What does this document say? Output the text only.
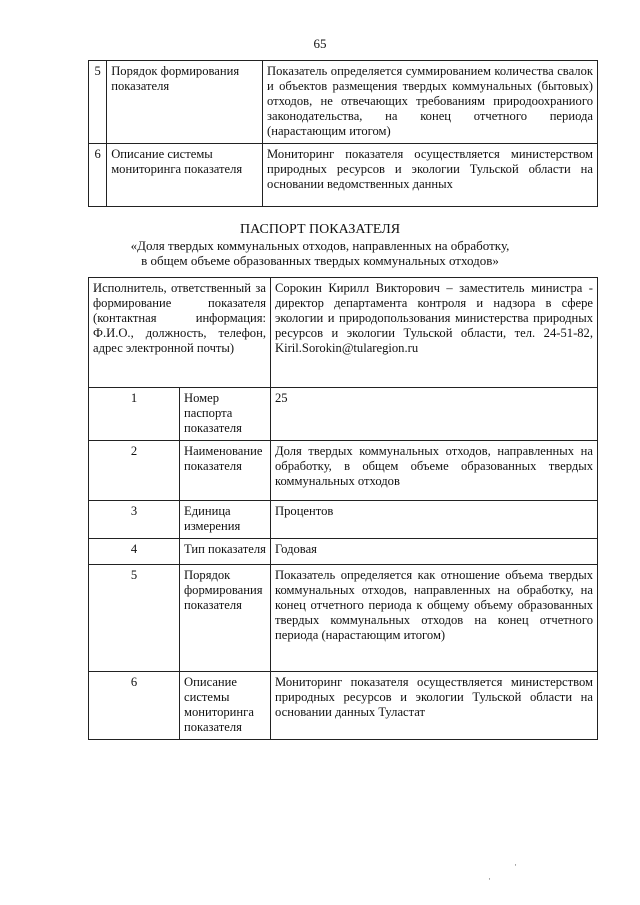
65
5	Порядок формирования показателя	Показатель определяется суммированием количества свалок и объектов размещения твердых коммунальных (бытовых) отходов, не отвечающих требованиям природоохраниого законодательства, на конец отчетного периода (нарастающим итогом)
6	Описание системы мониторинга показателя	Мониторинг показателя осуществляется министерством природных ресурсов и экологии Тульской области на основании ведомственных данных
ПАСПОРТ ПОКАЗАТЕЛЯ
«Доля твердых коммунальных отходов, направленных на обработку,
в общем объеме образованных твердых коммунальных отходов»
Исполнитель, ответственный за формирование показателя (контактная информация: Ф.И.О., должность, телефон, адрес электронной почты)		Сорокин Кирилл Викторович – заместитель министра - директор департамента контроля и надзора в сфере экологии и природопользования министерства природных ресурсов и экологии Тульской области, тел. 24-51-82, Kiril.Sorokin@tularegion.ru
1	Номер паспорта показателя	25
2	Наименование показателя	Доля твердых коммунальных отходов, направленных на обработку, в общем объеме образованных твердых коммунальных отходов
3	Единица измерения	Процентов
4	Тип показателя	Годовая
5	Порядок формирования показателя	Показатель определяется как отношение объема твердых коммунальных отходов, направленных на обработку, на конец отчетного периода к общему объему образованных твердых коммунальных отходов на конец отчетного периода (нарастающим итогом)
6	Описание системы мониторинга показателя	Мониторинг показателя осуществляется министерством природных ресурсов и экологии Тульской области на основании данных Туластат
·
·
